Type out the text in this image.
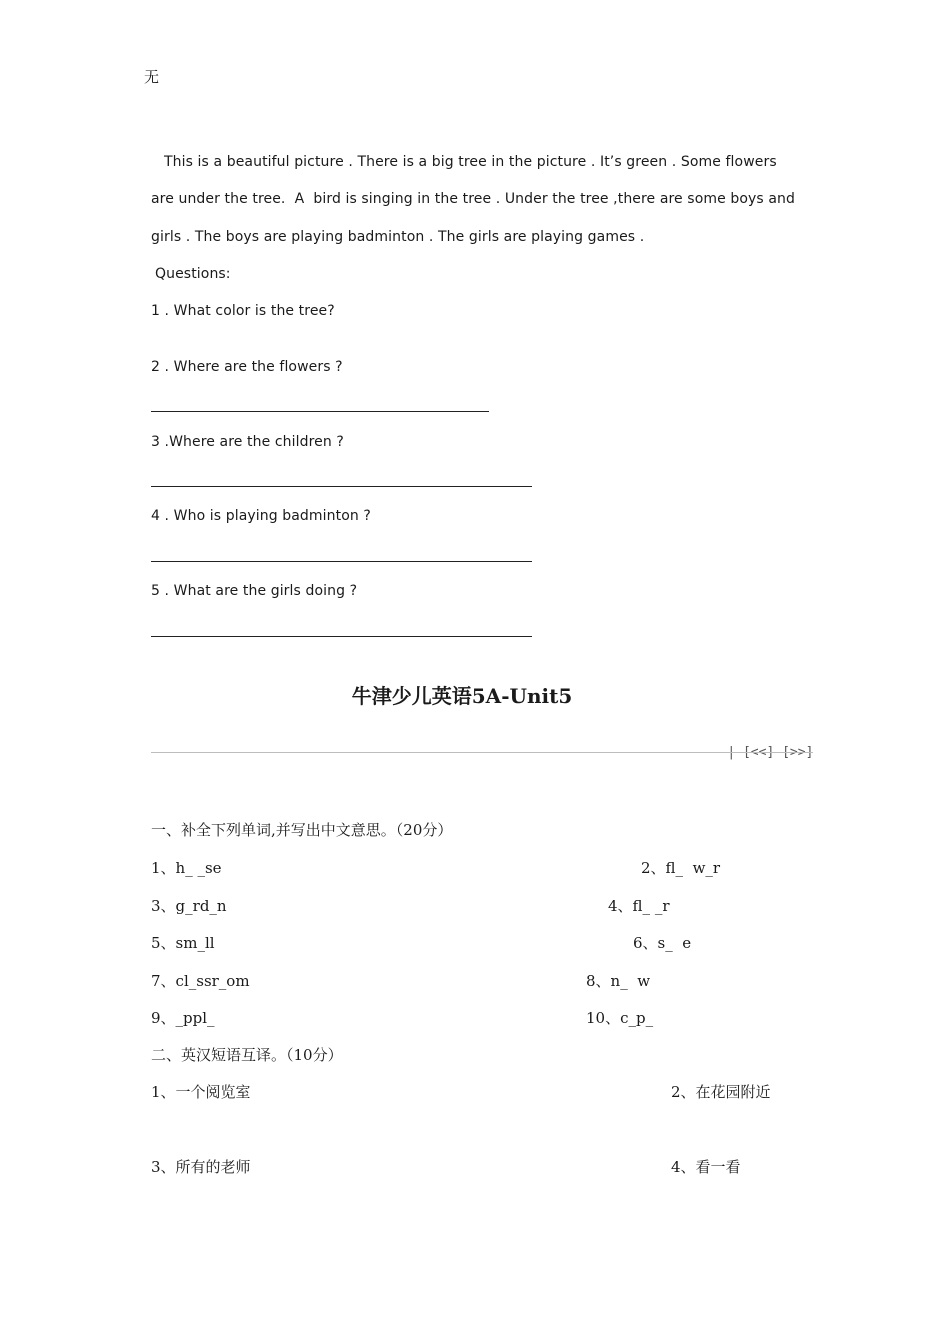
无
This is a beautiful picture . There is a big tree in the picture . It’s green . Some flowers
are under the tree.  A  bird is singing in the tree . Under the tree ,there are some boys and
girls . The boys are playing badminton . The girls are playing games .
Questions:
1 . What color is the tree?
2 . Where are the flowers ?
3 .Where are the children ?
4 . Who is playing badminton ?
5 . What are the girls doing ?
牛津少儿英语5A-Unit5

| [<<] [>>]

一、补全下列单词,并写出中文意思。（20分）
1、h_ _se	2、fl_  w_r
3、g_rd_n	4、fl_ _r
5、sm_ll	6、s_  e
7、cl_ssr_om	8、n_  w
9、_ppl_	10、c_p_
二、英汉短语互译。（10分）
1、一个阅览室	2、在花园附近
3、所有的老师	4、看一看
